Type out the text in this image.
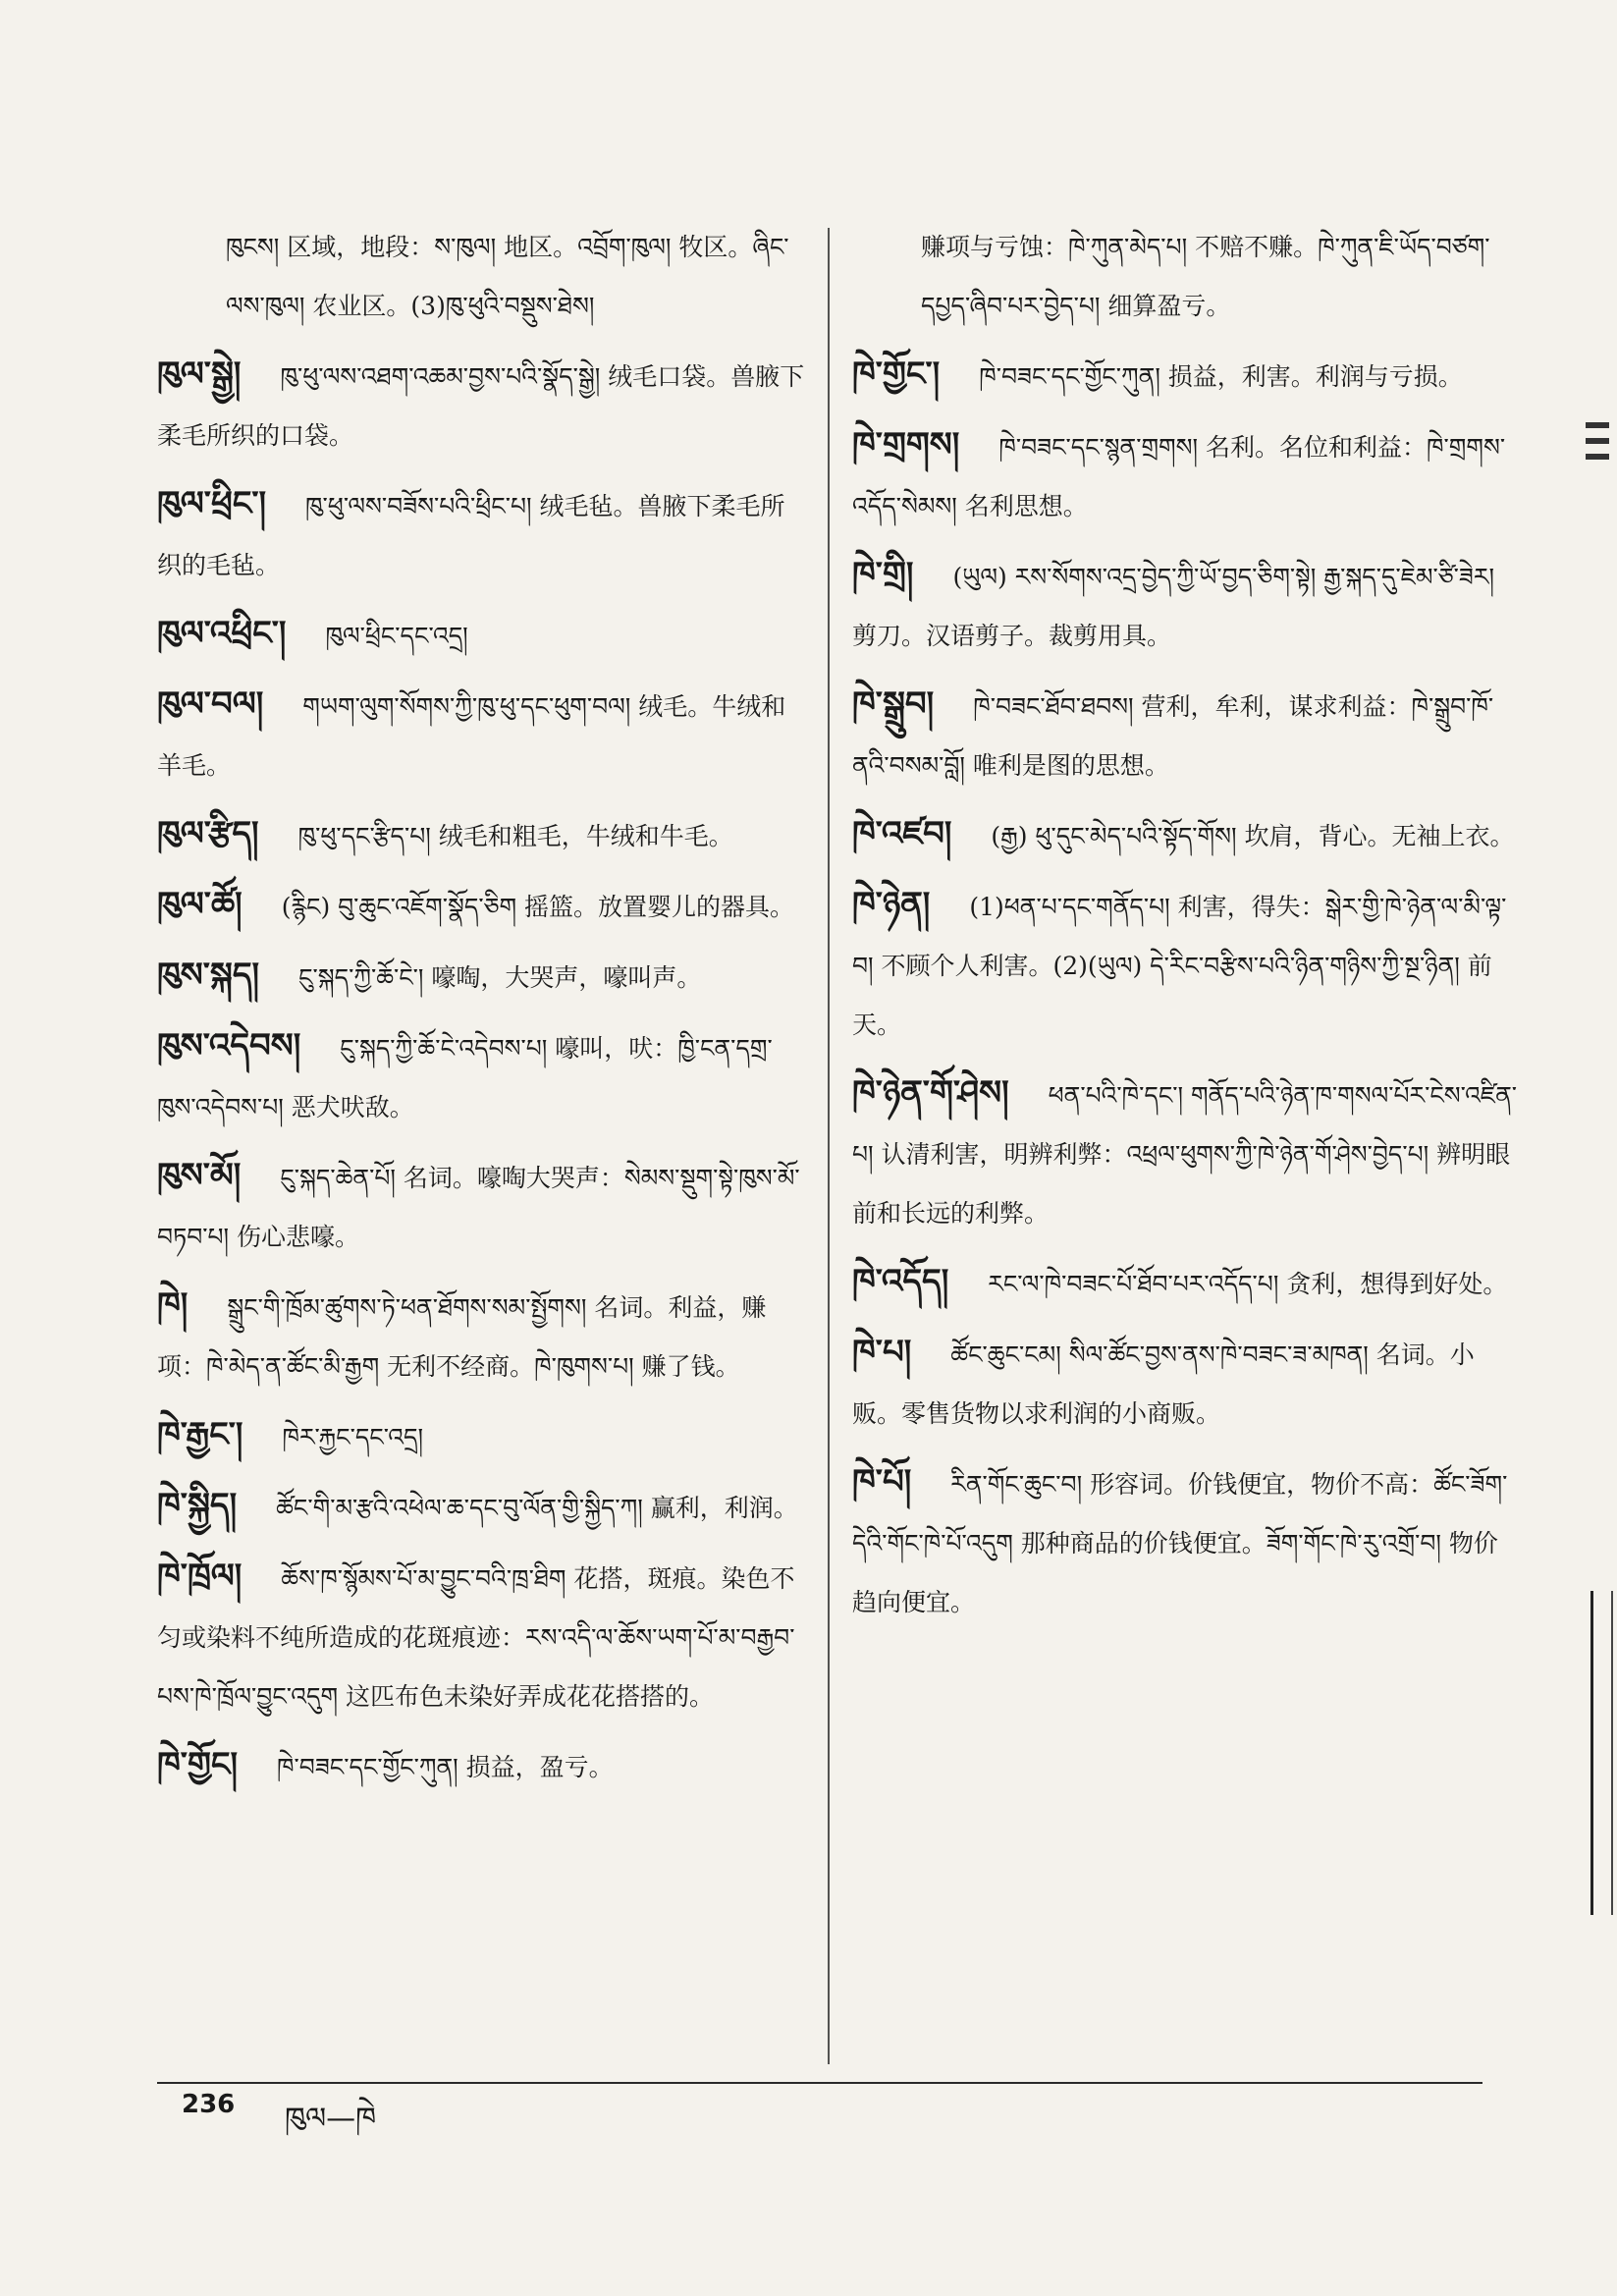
ཁུངས། 区域，地段：ས་ཁུལ། 地区。འབྲོག་ཁུལ། 牧区。ཞིང་ལས་ཁུལ། 农业区。(3)ཁུ་ཕུའི་བསྡུས་ཐེས།
ཁུལ་སྒྱེ། ཁུ་ཕུ་ལས་འཐག་འཆམ་བྱས་པའི་སྣོད་སྒྱེ། 绒毛口袋。兽腋下柔毛所织的口袋。
ཁུལ་ཕྲིང་། ཁུ་ཕུ་ལས་བཟོས་པའི་ཕྲིང་པ། 绒毛毡。兽腋下柔毛所织的毛毡。
ཁུལ་འཕྲིང་། ཁུལ་ཕྲིང་དང་འདྲ།
ཁུལ་བལ། གཡག་ལུག་སོགས་ཀྱི་ཁུ་ཕུ་དང་ཕུག་བལ། 绒毛。牛绒和羊毛。
ཁུལ་རྩིད། ཁུ་ཕུ་དང་རྩིད་པ། 绒毛和粗毛，牛绒和牛毛。
ཁུལ་ཚོ། (རྙིང) བུ་ཆུང་འཇོག་སྣོད་ཅིག 摇篮。放置婴儿的器具。
ཁུས་སྐད། ངུ་སྐད་ཀྱི་ཆོ་ངེ་། 嚎啕，大哭声，嚎叫声。
ཁུས་འདེབས། ངུ་སྐད་ཀྱི་ཆོ་ངེ་འདེབས་པ། 嚎叫，吠：ཁྱི་ངན་དགྲ་ཁུས་འདེབས་པ། 恶犬吠敌。
ཁུས་མོ། ངུ་སྐད་ཆེན་པོ། 名词。嚎啕大哭声：སེམས་སྡུག་སྟེ་ཁུས་མོ་བཏབ་པ། 伤心悲嚎。
ཁེ། སྒྲུང་གི་ཁྲོམ་ཚུགས་ཏེ་ཕན་ཐོགས་སམ་སྤྱོགས། 名词。利益，赚项：ཁེ་མེད་ན་ཚོང་མི་རྒྱག 无利不经商。ཁེ་ཁུགས་པ། 赚了钱。
ཁེ་རྒྱང་། ཁེར་རྐྱང་དང་འདྲ།
ཁེ་སྐྱིད། ཚོང་གི་མ་རྩའི་འཕེལ་ཆ་དང་བུ་ལོན་གྱི་སྐྱིད་ཀ། 赢利，利润。
ཁེ་ཁྲོལ། ཆོས་ཁ་སྙོམས་པོ་མ་བྱུང་བའི་ཁྲ་ཐིག 花搭，斑痕。染色不匀或染料不纯所造成的花斑痕迹：རས་འདི་ལ་ཆོས་ཡག་པོ་མ་བརྒྱབ་པས་ཁེ་ཁྲོལ་བྱུང་འདུག 这匹布色未染好弄成花花搭搭的。
ཁེ་གྱོང། ཁེ་བཟང་དང་གྱོང་ཀུན། 损益，盈亏。
赚项与亏蚀：ཁེ་ཀུན་མེད་པ། 不赔不赚。ཁེ་ཀུན་ཇི་ཡོད་བཙག་དཔྱད་ཞིབ་པར་བྱེད་པ། 细算盈亏。
ཁེ་གྱོང་། ཁེ་བཟང་དང་གྱོང་ཀུན། 损益，利害。利润与亏损。
ཁེ་གྲགས། ཁེ་བཟང་དང་སྙན་གྲགས། 名利。名位和利益：ཁེ་གྲགས་འདོད་སེམས། 名利思想。
ཁེ་གྲི། (ཡུལ) རས་སོགས་འདྲ་བྱེད་ཀྱི་ཡོ་བྱད་ཅིག་སྟེ། རྒྱ་སྐད་དུ་ཇེམ་ཙི་ཟེར། 剪刀。汉语剪子。裁剪用具。
ཁེ་སྒྲུབ། ཁེ་བཟང་ཐོབ་ཐབས། 营利，牟利，谋求利益：ཁེ་སྒྲུབ་ཁོ་ནའི་བསམ་བློ། 唯利是图的思想。
ཁེ་འཛབ། (རྒྱ) ཕུ་དུང་མེད་པའི་སྟོད་གོས། 坎肩，背心。无袖上衣。
ཁེ་ཉེན། (1)ཕན་པ་དང་གནོད་པ། 利害，得失：སྒེར་གྱི་ཁེ་ཉེན་ལ་མི་ལྟ་བ། 不顾个人利害。(2)(ཡུལ) དེ་རིང་བརྩིས་པའི་ཉིན་གཉིས་ཀྱི་སྔ་ཉིན། 前天。
ཁེ་ཉེན་གོ་ཤེས། ཕན་པའི་ཁེ་དང་། གནོད་པའི་ཉེན་ཁ་གསལ་པོར་ངེས་འཛིན་པ། 认清利害，明辨利弊：འཕྲལ་ཕུགས་ཀྱི་ཁེ་ཉེན་གོ་ཤེས་བྱེད་པ། 辨明眼前和长远的利弊。
ཁེ་འདོད། རང་ལ་ཁེ་བཟང་པོ་ཐོབ་པར་འདོད་པ། 贪利，想得到好处。
ཁེ་པ། ཚོང་ཆུང་ངམ། སིལ་ཚོང་བྱས་ནས་ཁེ་བཟང་ཟ་མཁན། 名词。小贩。零售货物以求利润的小商贩。
ཁེ་པོ། རིན་གོང་ཆུང་བ། 形容词。价钱便宜，物价不高：ཚོང་ཟོག་དེའི་གོང་ཁེ་པོ་འདུག 那种商品的价钱便宜。ཟོག་གོང་ཁེ་རུ་འགྲོ་བ། 物价趋向便宜。
236 ཁུལ—ཁེ
